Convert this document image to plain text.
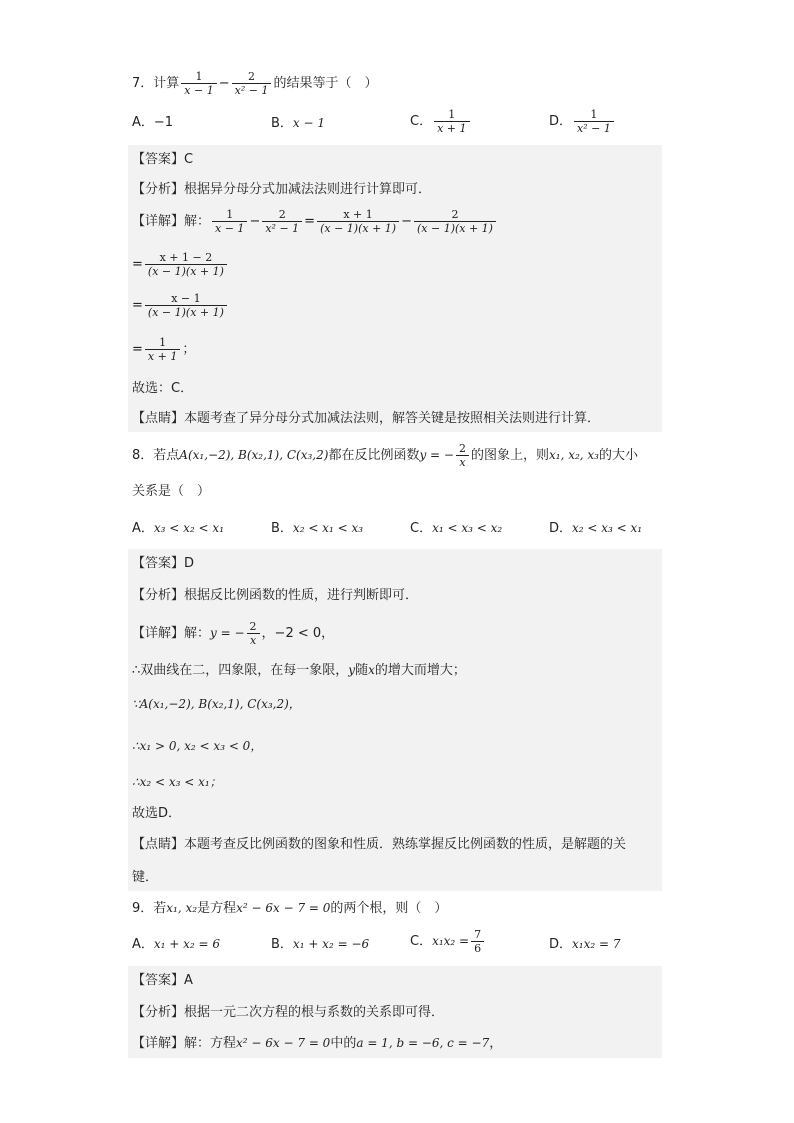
7．计算 $\frac{1}{x - 1} - \frac{2}{\text{x² − 1}}$ 的结果等于（　）
A．−1	B．x − 1	C． $\frac{1}{x + 1}$	D． $\frac{1}{\text{x² − 1}}$
【答案】C
【分析】根据异分母分式加减法法则进行计算即可．
【详解】解： $\frac{1}{x - 1} - \frac{2}{\text{x² − 1}} = \frac{x + 1}{(x - 1)(x + 1)} - \frac{2}{(x - 1)(x + 1)}$
= $\frac{x + 1 - 2}{(x - 1)(x + 1)}$
= $\frac{x - 1}{(x - 1)(x + 1)}$
= $\frac{1}{x + 1}$ ；
故选：C．
【点睛】本题考查了异分母分式加减法法则，解答关键是按照相关法则进行计算．
8．若点A(x₁,−2), B(x₂,1), C(x₃,2)都在反比例函数y = − $\frac{2}{x}$ 的图象上，则x₁, x₂, x₃的大小
关系是（　）
A．x₃ < x₂ < x₁	B．x₂ < x₁ < x₃	C．x₁ < x₃ < x₂	D．x₂ < x₃ < x₁
【答案】D
【分析】根据反比例函数的性质，进行判断即可．
【详解】解：y = − $\frac{2}{x}$ ，−2 < 0，
∴双曲线在二，四象限，在每一象限，y随x的增大而增大；
∵A(x₁,−2), B(x₂,1), C(x₃,2)，
∴x₁ > 0, x₂ < x₃ < 0，
∴x₂ < x₃ < x₁；
故选D．
【点睛】本题考查反比例函数的图象和性质．熟练掌握反比例函数的性质，是解题的关
键．
9．若x₁, x₂是方程x² − 6x − 7 = 0的两个根，则（　）
A．x₁ + x₂ = 6	B．x₁ + x₂ = −6	C．$x_1x_2 = \frac{7}{6}$	D．x₁x₂ = 7
【答案】A
【分析】根据一元二次方程的根与系数的关系即可得．
【详解】解：方程x² − 6x − 7 = 0中的a = 1, b = −6, c = −7，
